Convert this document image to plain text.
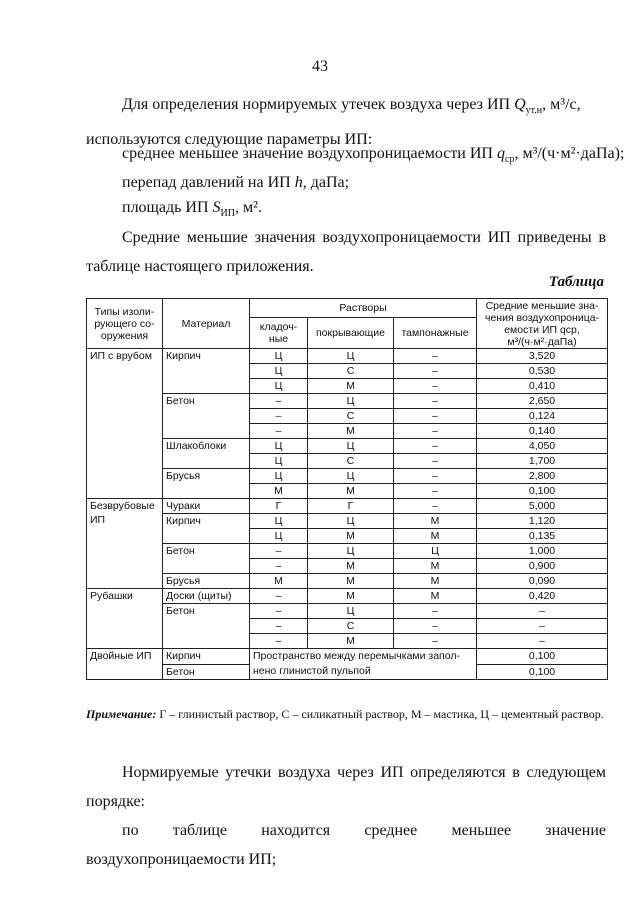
43
Для определения нормируемых утечек воздуха через ИП $Q_{ут.н}$, м³/с,
используются следующие параметры ИП:
среднее меньшее значение воздухопроницаемости ИП $q_{ср}$, м³/(ч·м²·даПа);
перепад давлений на ИП h, даПа;
площадь ИП $S_{ИП}$, м².
Средние меньшие значения воздухопроницаемости ИП приведены в таблице настоящего приложения.
Таблица
Типы изоли-рующего со-оружения	Материал	Растворы			Средние меньшие зна-чения воздухопроница-емости ИП qср, м³/(ч·м²·даПа)
		кладоч-ные	покрывающие	тампонажные	
ИП с врубом	Кирпич	Ц	Ц	–	3,520
		Ц	С	–	0,530
		Ц	М	–	0,410
	Бетон	–	Ц	–	2,650
		–	С	–	0,124
		–	М	–	0,140
	Шлакоблоки	Ц	Ц	–	4,050
		Ц	С	–	1,700
	Брусья	Ц	Ц	–	2,800
		М	М	–	0,100
Безврубовые ИП	Чураки	Г	Г	–	5,000
	Кирпич	Ц	Ц	М	1,120
		Ц	М	М	0,135
	Бетон	–	Ц	Ц	1,000
		–	М	М	0,900
	Брусья	М	М	М	0,090
Рубашки	Доски (щиты)	–	М	М	0,420
	Бетон	–	Ц	–	–
		–	С	–	–
		–	М	–	–
Двойные ИП	Кирпич	Пространство между перемычками запол-нено глинистой пульпой			0,100
	Бетон				0,100
Примечание: Г – глинистый раствор, С – силикатный раствор, М – мастика, Ц – цементный раствор.
Нормируемые утечки воздуха через ИП определяются в следующем порядке:
по таблице находится среднее меньшее значение воздухопроницаемости ИП;
